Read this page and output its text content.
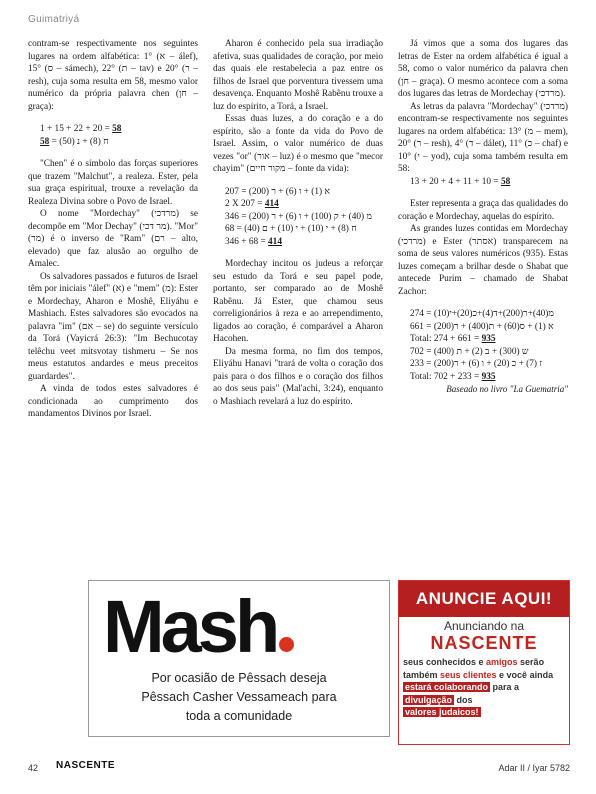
Guimatriyá

contram-se respectivamente nos seguintes lugares na ordem alfabética: 1° (א – álef), 15° (ס – sámech), 22° (ת – tav) e 20° (ר – resh), cuja soma resulta em 58, mesmo valor numérico da própria palavra chen (חן – graça):

1 + 15 + 22 + 20 = 58

ח (8) + נ (50) = 58

"Chen" é o símbolo das forças superiores que trazem "Malchut", a realeza. Ester, pela sua graça espiritual, trouxe a revelação da Realeza Divina sobre o Povo de Israel.

O nome "Mordechay" (מרדכי) se decompõe em "Mor Dechay" (מר דכי). "Mor" (מר) é o inverso de "Ram" (רם – alto, elevado) que faz alusão ao orgulho de Amalec.

Os salvadores passados e futuros de Israel têm por iniciais "álef" (א) e "mem" (מ): Ester e Mordechay, Aharon e Moshê, Eliyáhu e Mashiach. Estes salvadores são evocados na palavra "im" (אם – se) do seguinte versículo da Torá (Vayicrá 26:3): "Im Bechucotay telêchu veet mitsvotay tishmeru – Se nos meus estatutos andardes e meus preceitos guardardes".

A vinda de todos estes salvadores é condicionada ao cumprimento dos mandamentos Divinos por Israel.

Aharon é conhecido pela sua irradiação afetiva, suas qualidades de coração, por meio das quais ele restabelecia a paz entre os filhos de Israel que porventura tivessem uma desavença. Enquanto Moshê Rabênu trouxe a luz do espírito, a Torá, a Israel.

Essas duas luzes, a do coração e a do espírito, são a fonte da vida do Povo de Israel. Assim, o valor numérico de duas vezes "or" (אור – luz) é o mesmo que "mecor chayim" (מקור חיים – fonte da vida):

א (1) + ו (6) + ר (200) = 207

2 X 207 = 414

מ (40) + ק (100) + ו (6) + ר (200) = 346

ח (8) + י (10) + י (10) + ם (40) = 68

346 + 68 = 414

Mordechay incitou os judeus a reforçar seu estudo da Torá e seu papel pode, portanto, ser comparado ao de Moshê Rabênu. Já Ester, que chamou seus correligionários à reza e ao arrependimento, ligados ao coração, é comparável a Aharon Hacohen.

Da mesma forma, no fim dos tempos, Eliyáhu Hanavi "trará de volta o coração dos pais para o dos filhos e o coração dos filhos ao dos seus pais" (Mal'achi, 3:24), enquanto o Mashiach revelará a luz do espírito.

Já vimos que a soma dos lugares das letras de Ester na ordem alfabética é igual a 58, como o valor numérico da palavra chen (חן – graça). O mesmo acontece com a soma dos lugares das letras de Mordechay (מרדכי).

As letras da palavra "Mordechay" (מרדכי) encontram-se respectivamente nos seguintes lugares na ordem alfabética: 13° (מ – mem), 20° (ר – resh), 4° (ד – dálet), 11° (כ – chaf) e 10° (י – yod), cuja soma também resulta em 58:

13 + 20 + 4 + 11 + 10 = 58

Ester representa a graça das qualidades do coração e Mordechay, aquelas do espírito.

As grandes luzes contidas em Mordechay (מרדכי) e Ester (אסתר) transparecem na soma de seus valores numéricos (935). Estas luzes começam a brilhar desde o Shabat que antecede Purim – chamado de Shabat Zachor:

מ(40)+ר(200)+ד(4)+כ(20)+י(10) = 274

א (1) + ס(60) + ת(400) + ר(200) = 661

Total: 274 + 661 = 935

ש (300) + ב (2) + ת (400) = 702

ז (7) + כ (20) + ו (6) + ר(200) = 233

Total: 702 + 233 = 935

Baseado no livro "La Guematria"

Mash
Por ocasião de Pêssach deseja
Pêssach Casher Vessameach para
toda a comunidade
ANUNCIE AQUI!
Anunciando na
NASCENTE
seus conhecidos e amigos serão
também seus clientes e você ainda
estará colaborando para a
divulgação dos
valores judaicos!
42 NASCENTE	Adar II / Iyar 5782
